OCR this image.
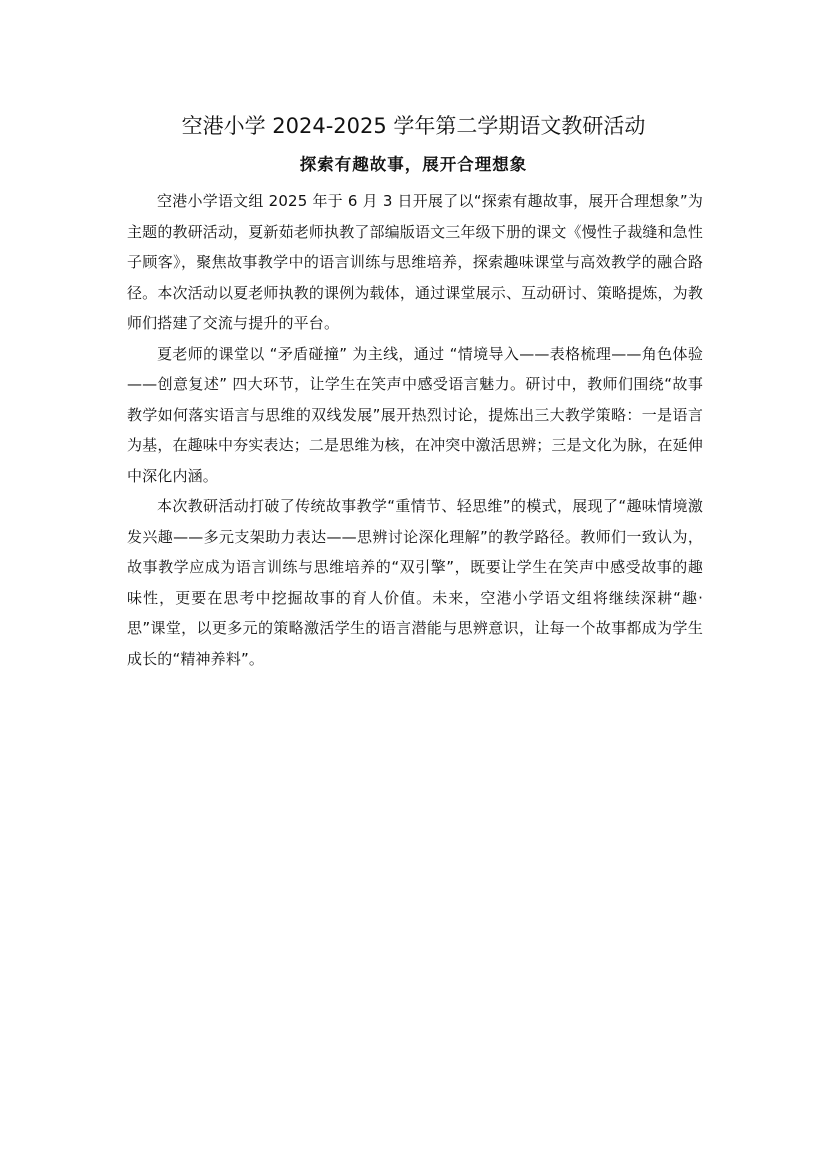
空港小学 2024-2025 学年第二学期语文教研活动
探索有趣故事，展开合理想象

空港小学语文组 2025 年于 6 月 3 日开展了以“探索有趣故事，展开合理想象”为主题的教研活动，夏新茹老师执教了部编版语文三年级下册的课文《慢性子裁缝和急性子顾客》，聚焦故事教学中的语言训练与思维培养，探索趣味课堂与高效教学的融合路径。本次活动以夏老师执教的课例为载体，通过课堂展示、互动研讨、策略提炼，为教师们搭建了交流与提升的平台。

夏老师的课堂以 “矛盾碰撞” 为主线，通过 “情境导入——表格梳理——角色体验——创意复述” 四大环节，让学生在笑声中感受语言魅力。研讨中，教师们围绕“故事教学如何落实语言与思维的双线发展”展开热烈讨论，提炼出三大教学策略：一是语言为基，在趣味中夯实表达；二是思维为核，在冲突中激活思辨；三是文化为脉，在延伸中深化内涵。

本次教研活动打破了传统故事教学“重情节、轻思维”的模式，展现了“趣味情境激发兴趣——多元支架助力表达——思辨讨论深化理解”的教学路径。教师们一致认为，故事教学应成为语言训练与思维培养的“双引擎”，既要让学生在笑声中感受故事的趣味性，更要在思考中挖掘故事的育人价值。未来，空港小学语文组将继续深耕“趣·思”课堂，以更多元的策略激活学生的语言潜能与思辨意识，让每一个故事都成为学生成长的“精神养料”。
